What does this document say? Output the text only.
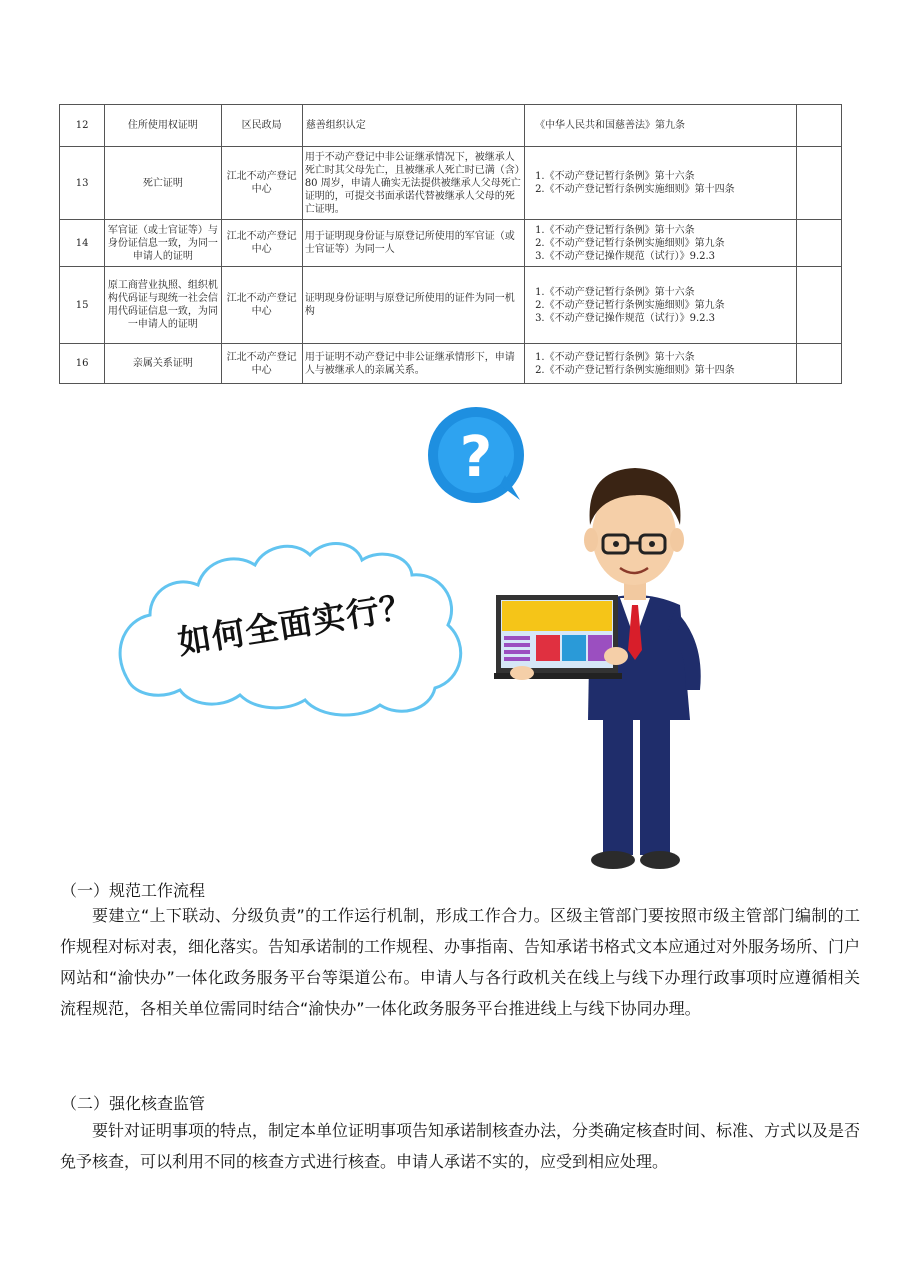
12	住所使用权证明	区民政局	慈善组织认定	《中华人民共和国慈善法》第九条	

13	死亡证明	江北不动产登记中心	用于不动产登记中非公证继承情况下，被继承人死亡时其父母先亡，且被继承人死亡时已满（含）80 周岁，申请人确实无法提供被继承人父母死亡证明的，可提交书面承诺代替被继承人父母的死亡证明。	1.《不动产登记暂行条例》第十六条
2.《不动产登记暂行条例实施细则》第十四条	

14	军官证（或士官证等）与身份证信息一致，为同一申请人的证明	江北不动产登记中心	用于证明现身份证与原登记所使用的军官证（或士官证等）为同一人	1.《不动产登记暂行条例》第十六条
2.《不动产登记暂行条例实施细则》第九条
3.《不动产登记操作规范（试行）》9.2.3	

15	原工商营业执照、组织机构代码证与现统一社会信用代码证信息一致，为同一申请人的证明	江北不动产登记中心	证明现身份证明与原登记所使用的证件为同一机构	1.《不动产登记暂行条例》第十六条
2.《不动产登记暂行条例实施细则》第九条
3.《不动产登记操作规范（试行）》9.2.3	

16	亲属关系证明	江北不动产登记中心	用于证明不动产登记中非公证继承情形下，申请人与被继承人的亲属关系。	1.《不动产登记暂行条例》第十六条
2.《不动产登记暂行条例实施细则》第十四条	

?
如何全面实行？
（一）规范工作流程

要建立“上下联动、分级负责”的工作运行机制，形成工作合力。区级主管部门要按照市级主管部门编制的工作规程对标对表，细化落实。告知承诺制的工作规程、办事指南、告知承诺书格式文本应通过对外服务场所、门户网站和“渝快办”一体化政务服务平台等渠道公布。申请人与各行政机关在线上与线下办理行政事项时应遵循相关流程规范，各相关单位需同时结合“渝快办”一体化政务服务平台推进线上与线下协同办理。

（二）强化核查监管

要针对证明事项的特点，制定本单位证明事项告知承诺制核查办法，分类确定核查时间、标准、方式以及是否免予核查，可以利用不同的核查方式进行核查。申请人承诺不实的，应受到相应处理。
